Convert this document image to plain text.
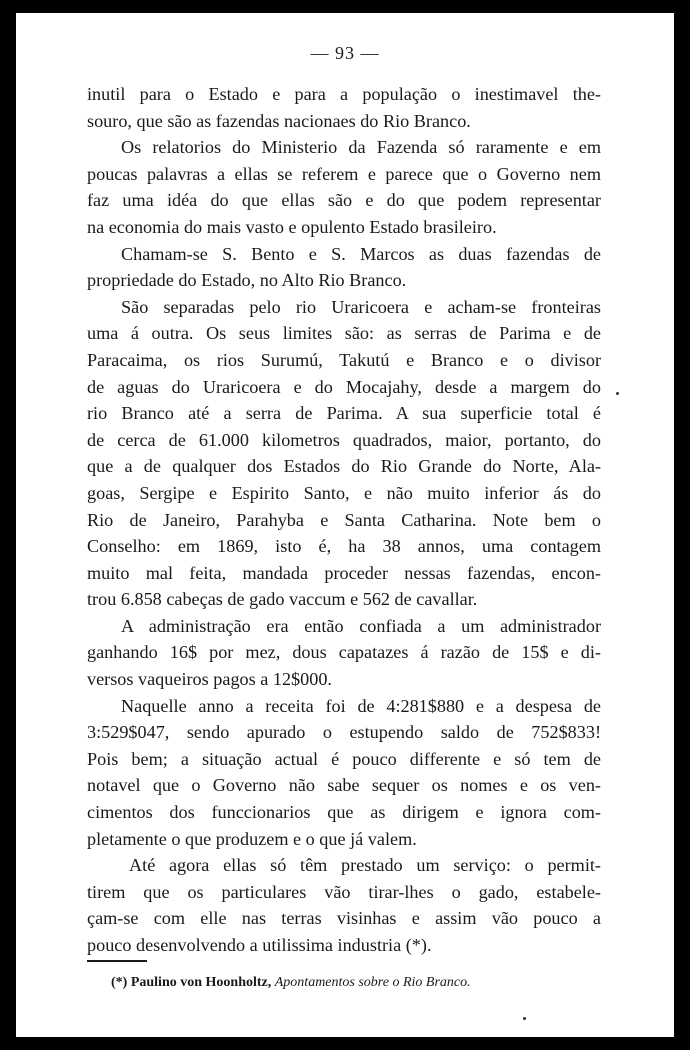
— 93 —
inutil para o Estado e para a população o inestimavel the-
souro, que são as fazendas nacionaes do Rio Branco.
Os relatorios do Ministerio da Fazenda só raramente e em
poucas palavras a ellas se referem e parece que o Governo nem
faz uma idéa do que ellas são e do que podem representar
na economia do mais vasto e opulento Estado brasileiro.
Chamam-se S. Bento e S. Marcos as duas fazendas de
propriedade do Estado, no Alto Rio Branco.
São separadas pelo rio Uraricoera e acham-se fronteiras
uma á outra. Os seus limites são: as serras de Parima e de
Paracaima, os rios Surumú, Takutú e Branco e o divisor
de aguas do Uraricoera e do Mocajahy, desde a margem do
rio Branco até a serra de Parima. A sua superficie total é
de cerca de 61.000 kilometros quadrados, maior, portanto, do
que a de qualquer dos Estados do Rio Grande do Norte, Ala-
goas, Sergipe e Espirito Santo, e não muito inferior ás do
Rio de Janeiro, Parahyba e Santa Catharina. Note bem o
Conselho: em 1869, isto é, ha 38 annos, uma contagem
muito mal feita, mandada proceder nessas fazendas, encon-
trou 6.858 cabeças de gado vaccum e 562 de cavallar.
A administração era então confiada a um administrador
ganhando 16$ por mez, dous capatazes á razão de 15$ e di-
versos vaqueiros pagos a 12$000.
Naquelle anno a receita foi de 4:281$880 e a despesa de
3:529$047, sendo apurado o estupendo saldo de 752$833!
Pois bem; a situação actual é pouco differente e só tem de
notavel que o Governo não sabe sequer os nomes e os ven-
cimentos dos funccionarios que as dirigem e ignora com-
pletamente o que produzem e o que já valem.
Até agora ellas só têm prestado um serviço: o permit-
tirem que os particulares vão tirar-lhes o gado, estabele-
çam-se com elle nas terras visinhas e assim vão pouco a
pouco desenvolvendo a utilissima industria (*).
(*) Paulino von Hoonholtz, Apontamentos sobre o Rio Branco.
